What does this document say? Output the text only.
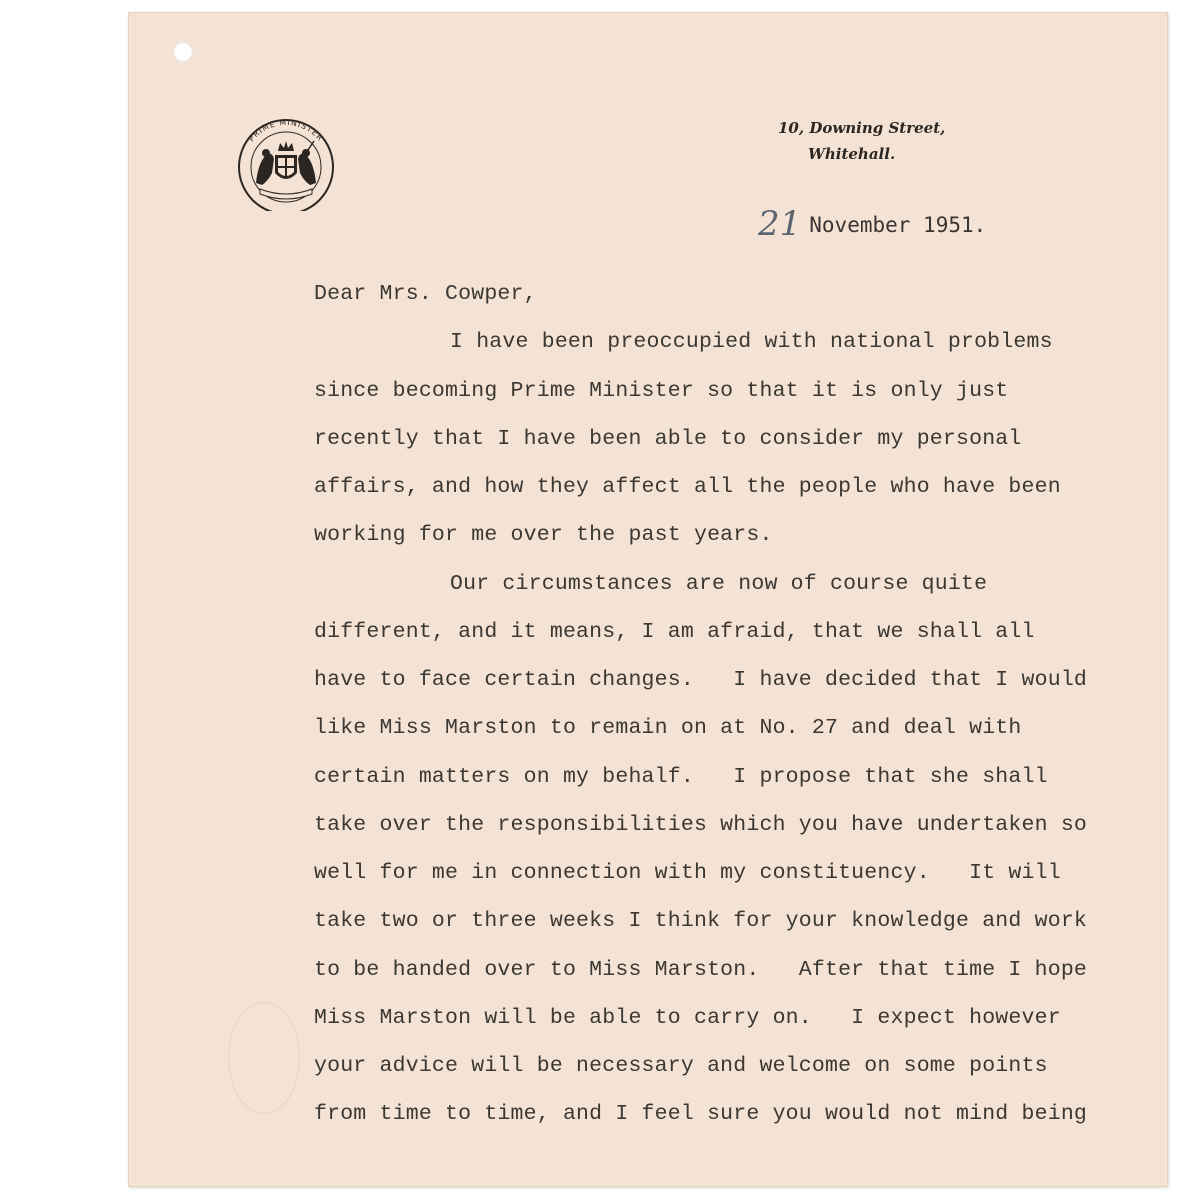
PRIME MINISTER
10, Downing Street,
Whitehall.
21 November 1951.
Dear Mrs. Cowper,
I have been preoccupied with national problems
since becoming Prime Minister so that it is only just
recently that I have been able to consider my personal
affairs, and how they affect all the people who have been
working for me over the past years.
Our circumstances are now of course quite
different, and it means, I am afraid, that we shall all
have to face certain changes.   I have decided that I would
like Miss Marston to remain on at No. 27 and deal with
certain matters on my behalf.   I propose that she shall
take over the responsibilities which you have undertaken so
well for me in connection with my constituency.   It will
take two or three weeks I think for your knowledge and work
to be handed over to Miss Marston.   After that time I hope
Miss Marston will be able to carry on.   I expect however
your advice will be necessary and welcome on some points
from time to time, and I feel sure you would not mind being
